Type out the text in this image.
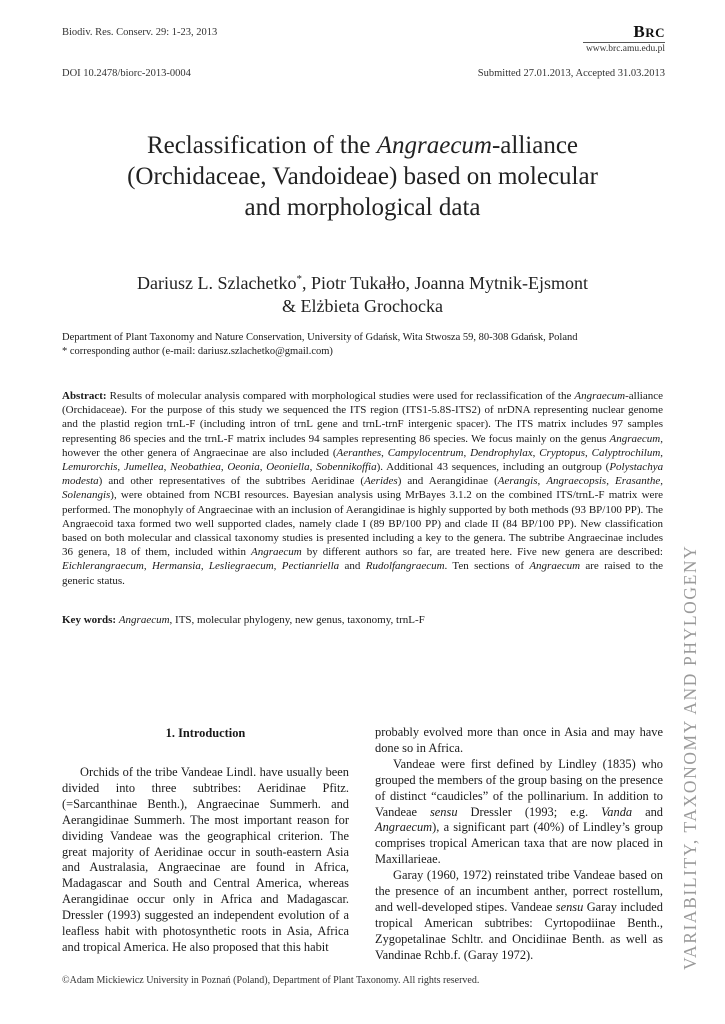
Biodiv. Res. Conserv. 29: 1-23, 2013	BRC
www.brc.amu.edu.pl
DOI 10.2478/biorc-2013-0004	Submitted 27.01.2013, Accepted 31.03.2013
Reclassification of the Angraecum-alliance
(Orchidaceae, Vandoideae) based on molecular
and morphological data
Dariusz L. Szlachetko*, Piotr Tukałło, Joanna Mytnik-Ejsmont
& Elżbieta Grochocka
Department of Plant Taxonomy and Nature Conservation, University of Gdańsk, Wita Stwosza 59, 80-308 Gdańsk, Poland
* corresponding author (e-mail: dariusz.szlachetko@gmail.com)
Abstract: Results of molecular analysis compared with morphological studies were used for reclassification of the Angraecum-alliance (Orchidaceae). For the purpose of this study we sequenced the ITS region (ITS1-5.8S-ITS2) of nrDNA representing nuclear genome and the plastid region trnL-F (including intron of trnL gene and trnL-trnF intergenic spacer). The ITS matrix includes 97 samples representing 86 species and the trnL-F matrix includes 94 samples representing 86 species. We focus mainly on the genus Angraecum, however the other genera of Angraecinae are also included (Aeranthes, Campylocentrum, Dendrophylax, Cryptopus, Calyptrochilum, Lemurorchis, Jumellea, Neobathiea, Oeonia, Oeoniella, Sobennikoffia). Additional 43 sequences, including an outgroup (Polystachya modesta) and other representatives of the subtribes Aeridinae (Aerides) and Aerangidinae (Aerangis, Angraecopsis, Erasanthe, Solenangis), were obtained from NCBI resources. Bayesian analysis using MrBayes 3.1.2 on the combined ITS/trnL-F matrix were performed. The monophyly of Angraecinae with an inclusion of Aerangidinae is highly supported by both methods (93 BP/100 PP). The Angraecoid taxa formed two well supported clades, namely clade I (89 BP/100 PP) and clade II (84 BP/100 PP). New classification based on both molecular and classical taxonomy studies is presented including a key to the genera. The subtribe Angraecinae includes 36 genera, 18 of them, included within Angraecum by different authors so far, are treated here. Five new genera are described: Eichlerangraecum, Hermansia, Lesliegraecum, Pectianriella and Rudolfangraecum. Ten sections of Angraecum are raised to the generic status.
Key words: Angraecum, ITS, molecular phylogeny, new genus, taxonomy, trnL-F
1. Introduction

Orchids of the tribe Vandeae Lindl. have usually been divided into three subtribes: Aeridinae Pfitz. (=Sarcanthinae Benth.), Angraecinae Summerh. and Aerangidinae Summerh. The most important reason for dividing Vandeae was the geographical criterion. The great majority of Aeridinae occur in south-eastern Asia and Australasia, Angraecinae are found in Africa, Madagascar and South and Central America, whereas Aerangidinae occur only in Africa and Madagascar. Dressler (1993) suggested an independent evolution of a leafless habit with photosynthetic roots in Asia, Africa and tropical America. He also proposed that this habit

probably evolved more than once in Asia and may have done so in Africa.

Vandeae were first defined by Lindley (1835) who grouped the members of the group basing on the presence of distinct “caudicles” of the pollinarium. In addition to Vandeae sensu Dressler (1993; e.g. Vanda and Angraecum), a significant part (40%) of Lindley’s group comprises tropical American taxa that are now placed in Maxillarieae.

Garay (1960, 1972) reinstated tribe Vandeae based on the presence of an incumbent anther, porrect rostellum, and well-developed stipes. Vandeae sensu Garay included tropical American subtribes: Cyrtopodiinae Benth., Zygopetalinae Schltr. and Oncidiinae Benth. as well as Vandinae Rchb.f. (Garay 1972).	VARIABILITY, TAXONOMY AND PHYLOGENY
©Adam Mickiewicz University in Poznań (Poland), Department of Plant Taxonomy. All rights reserved.
